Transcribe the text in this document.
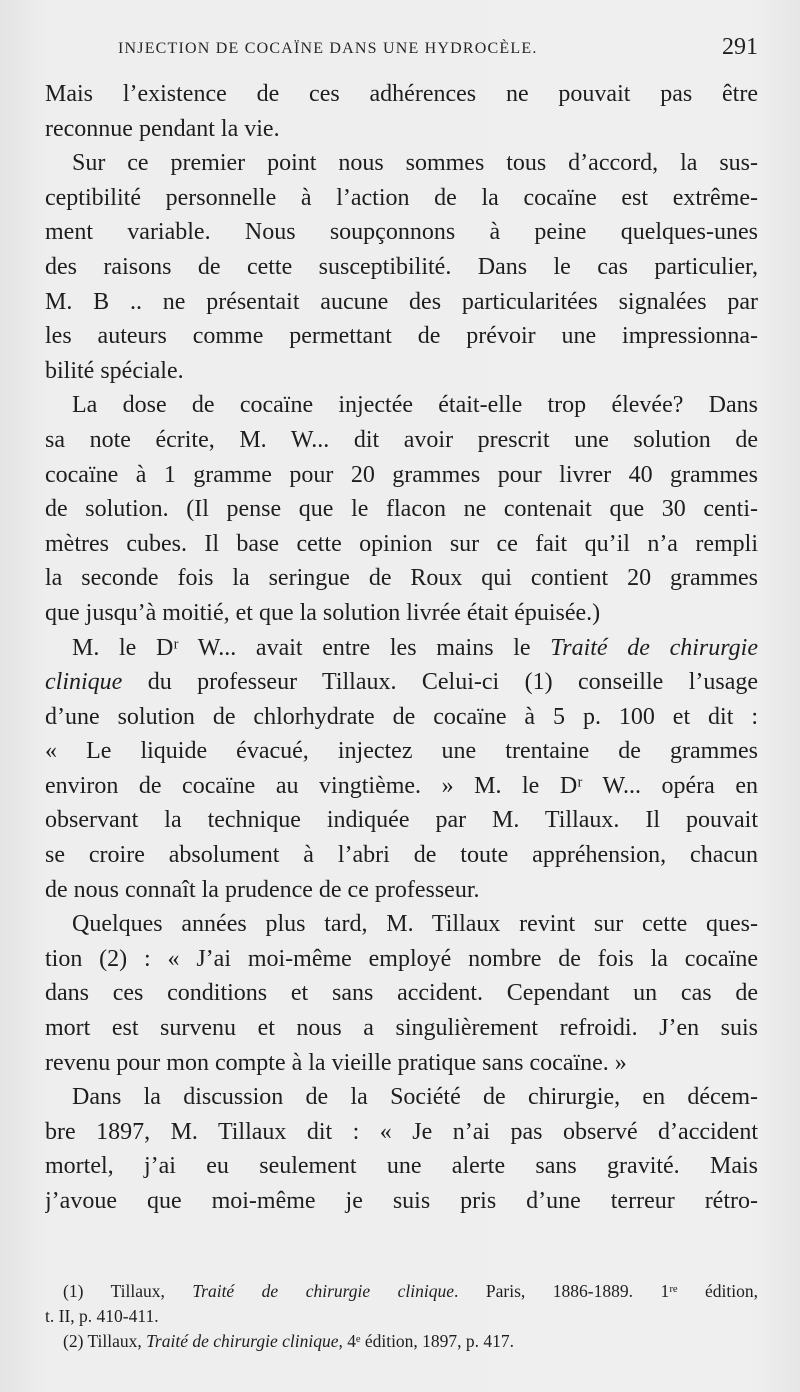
INJECTION DE COCAÏNE DANS UNE HYDROCÈLE.	291
Mais l’existence de ces adhérences ne pouvait pas être
reconnue pendant la vie.
Sur ce premier point nous sommes tous d’accord, la sus-
ceptibilité personnelle à l’action de la cocaïne est extrême-
ment variable. Nous soupçonnons à peine quelques-unes
des raisons de cette susceptibilité. Dans le cas particulier,
M. B .. ne présentait aucune des particularitées signalées par
les auteurs comme permettant de prévoir une impressionna-
bilité spéciale.
La dose de cocaïne injectée était-elle trop élevée? Dans
sa note écrite, M. W... dit avoir prescrit une solution de
cocaïne à 1 gramme pour 20 grammes pour livrer 40 grammes
de solution. (Il pense que le flacon ne contenait que 30 centi-
mètres cubes. Il base cette opinion sur ce fait qu’il n’a rempli
la seconde fois la seringue de Roux qui contient 20 grammes
que jusqu’à moitié, et que la solution livrée était épuisée.)
M. le Dʳ W... avait entre les mains le Traité de chirurgie
clinique du professeur Tillaux. Celui-ci (1) conseille l’usage
d’une solution de chlorhydrate de cocaïne à 5 p. 100 et dit :
« Le liquide évacué, injectez une trentaine de grammes
environ de cocaïne au vingtième. » M. le Dʳ W... opéra en
observant la technique indiquée par M. Tillaux. Il pouvait
se croire absolument à l’abri de toute appréhension, chacun
de nous connaît la prudence de ce professeur.
Quelques années plus tard, M. Tillaux revint sur cette ques-
tion (2) : « J’ai moi-même employé nombre de fois la cocaïne
dans ces conditions et sans accident. Cependant un cas de
mort est survenu et nous a singulièrement refroidi. J’en suis
revenu pour mon compte à la vieille pratique sans cocaïne. »
Dans la discussion de la Société de chirurgie, en décem-
bre 1897, M. Tillaux dit : « Je n’ai pas observé d’accident
mortel, j’ai eu seulement une alerte sans gravité. Mais
j’avoue que moi-même je suis pris d’une terreur rétro-
(1) Tillaux, Traité de chirurgie clinique. Paris, 1886-1889. 1ʳᵉ édition,
t. II, p. 410-411.
(2) Tillaux, Traité de chirurgie clinique, 4ᵉ édition, 1897, p. 417.
